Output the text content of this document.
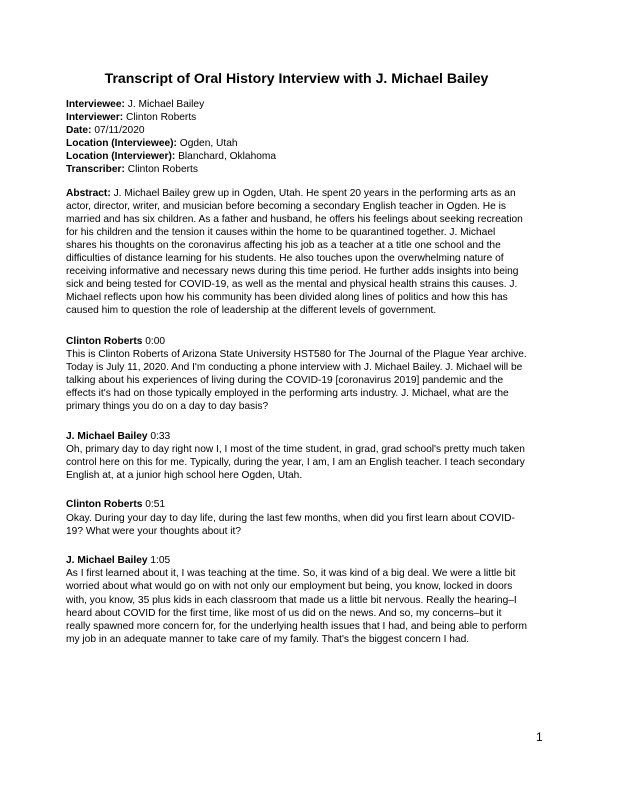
Transcript of Oral History Interview with J. Michael Bailey

Interviewee: J. Michael Bailey

Interviewer: Clinton Roberts

Date: 07/11/2020

Location (Interviewee): Ogden, Utah

Location (Interviewer): Blanchard, Oklahoma

Transcriber: Clinton Roberts

Abstract: J. Michael Bailey grew up in Ogden, Utah. He spent 20 years in the performing arts as an actor, director, writer, and musician before becoming a secondary English teacher in Ogden. He is married and has six children. As a father and husband, he offers his feelings about seeking recreation for his children and the tension it causes within the home to be quarantined together. J. Michael shares his thoughts on the coronavirus affecting his job as a teacher at a title one school and the difficulties of distance learning for his students. He also touches upon the overwhelming nature of receiving informative and necessary news during this time period. He further adds insights into being sick and being tested for COVID-19, as well as the mental and physical health strains this causes. J. Michael reflects upon how his community has been divided along lines of politics and how this has caused him to question the role of leadership at the different levels of government.

Clinton Roberts 0:00

This is Clinton Roberts of Arizona State University HST580 for The Journal of the Plague Year archive. Today is July 11, 2020. And I'm conducting a phone interview with J. Michael Bailey. J. Michael will be talking about his experiences of living during the COVID-19 [coronavirus 2019] pandemic and the effects it's had on those typically employed in the performing arts industry. J. Michael, what are the primary things you do on a day to day basis?

J. Michael Bailey 0:33

Oh, primary day to day right now I, I most of the time student, in grad, grad school's pretty much taken control here on this for me. Typically, during the year, I am, I am an English teacher. I teach secondary English at, at a junior high school here Ogden, Utah.

Clinton Roberts 0:51

Okay. During your day to day life, during the last few months, when did you first learn about COVID-19? What were your thoughts about it?

J. Michael Bailey 1:05

As I first learned about it, I was teaching at the time. So, it was kind of a big deal. We were a little bit worried about what would go on with not only our employment but being, you know, locked in doors with, you know, 35 plus kids in each classroom that made us a little bit nervous. Really the hearing–I heard about COVID for the first time, like most of us did on the news. And so, my concerns–but it really spawned more concern for, for the underlying health issues that I had, and being able to perform my job in an adequate manner to take care of my family. That's the biggest concern I had.

1
